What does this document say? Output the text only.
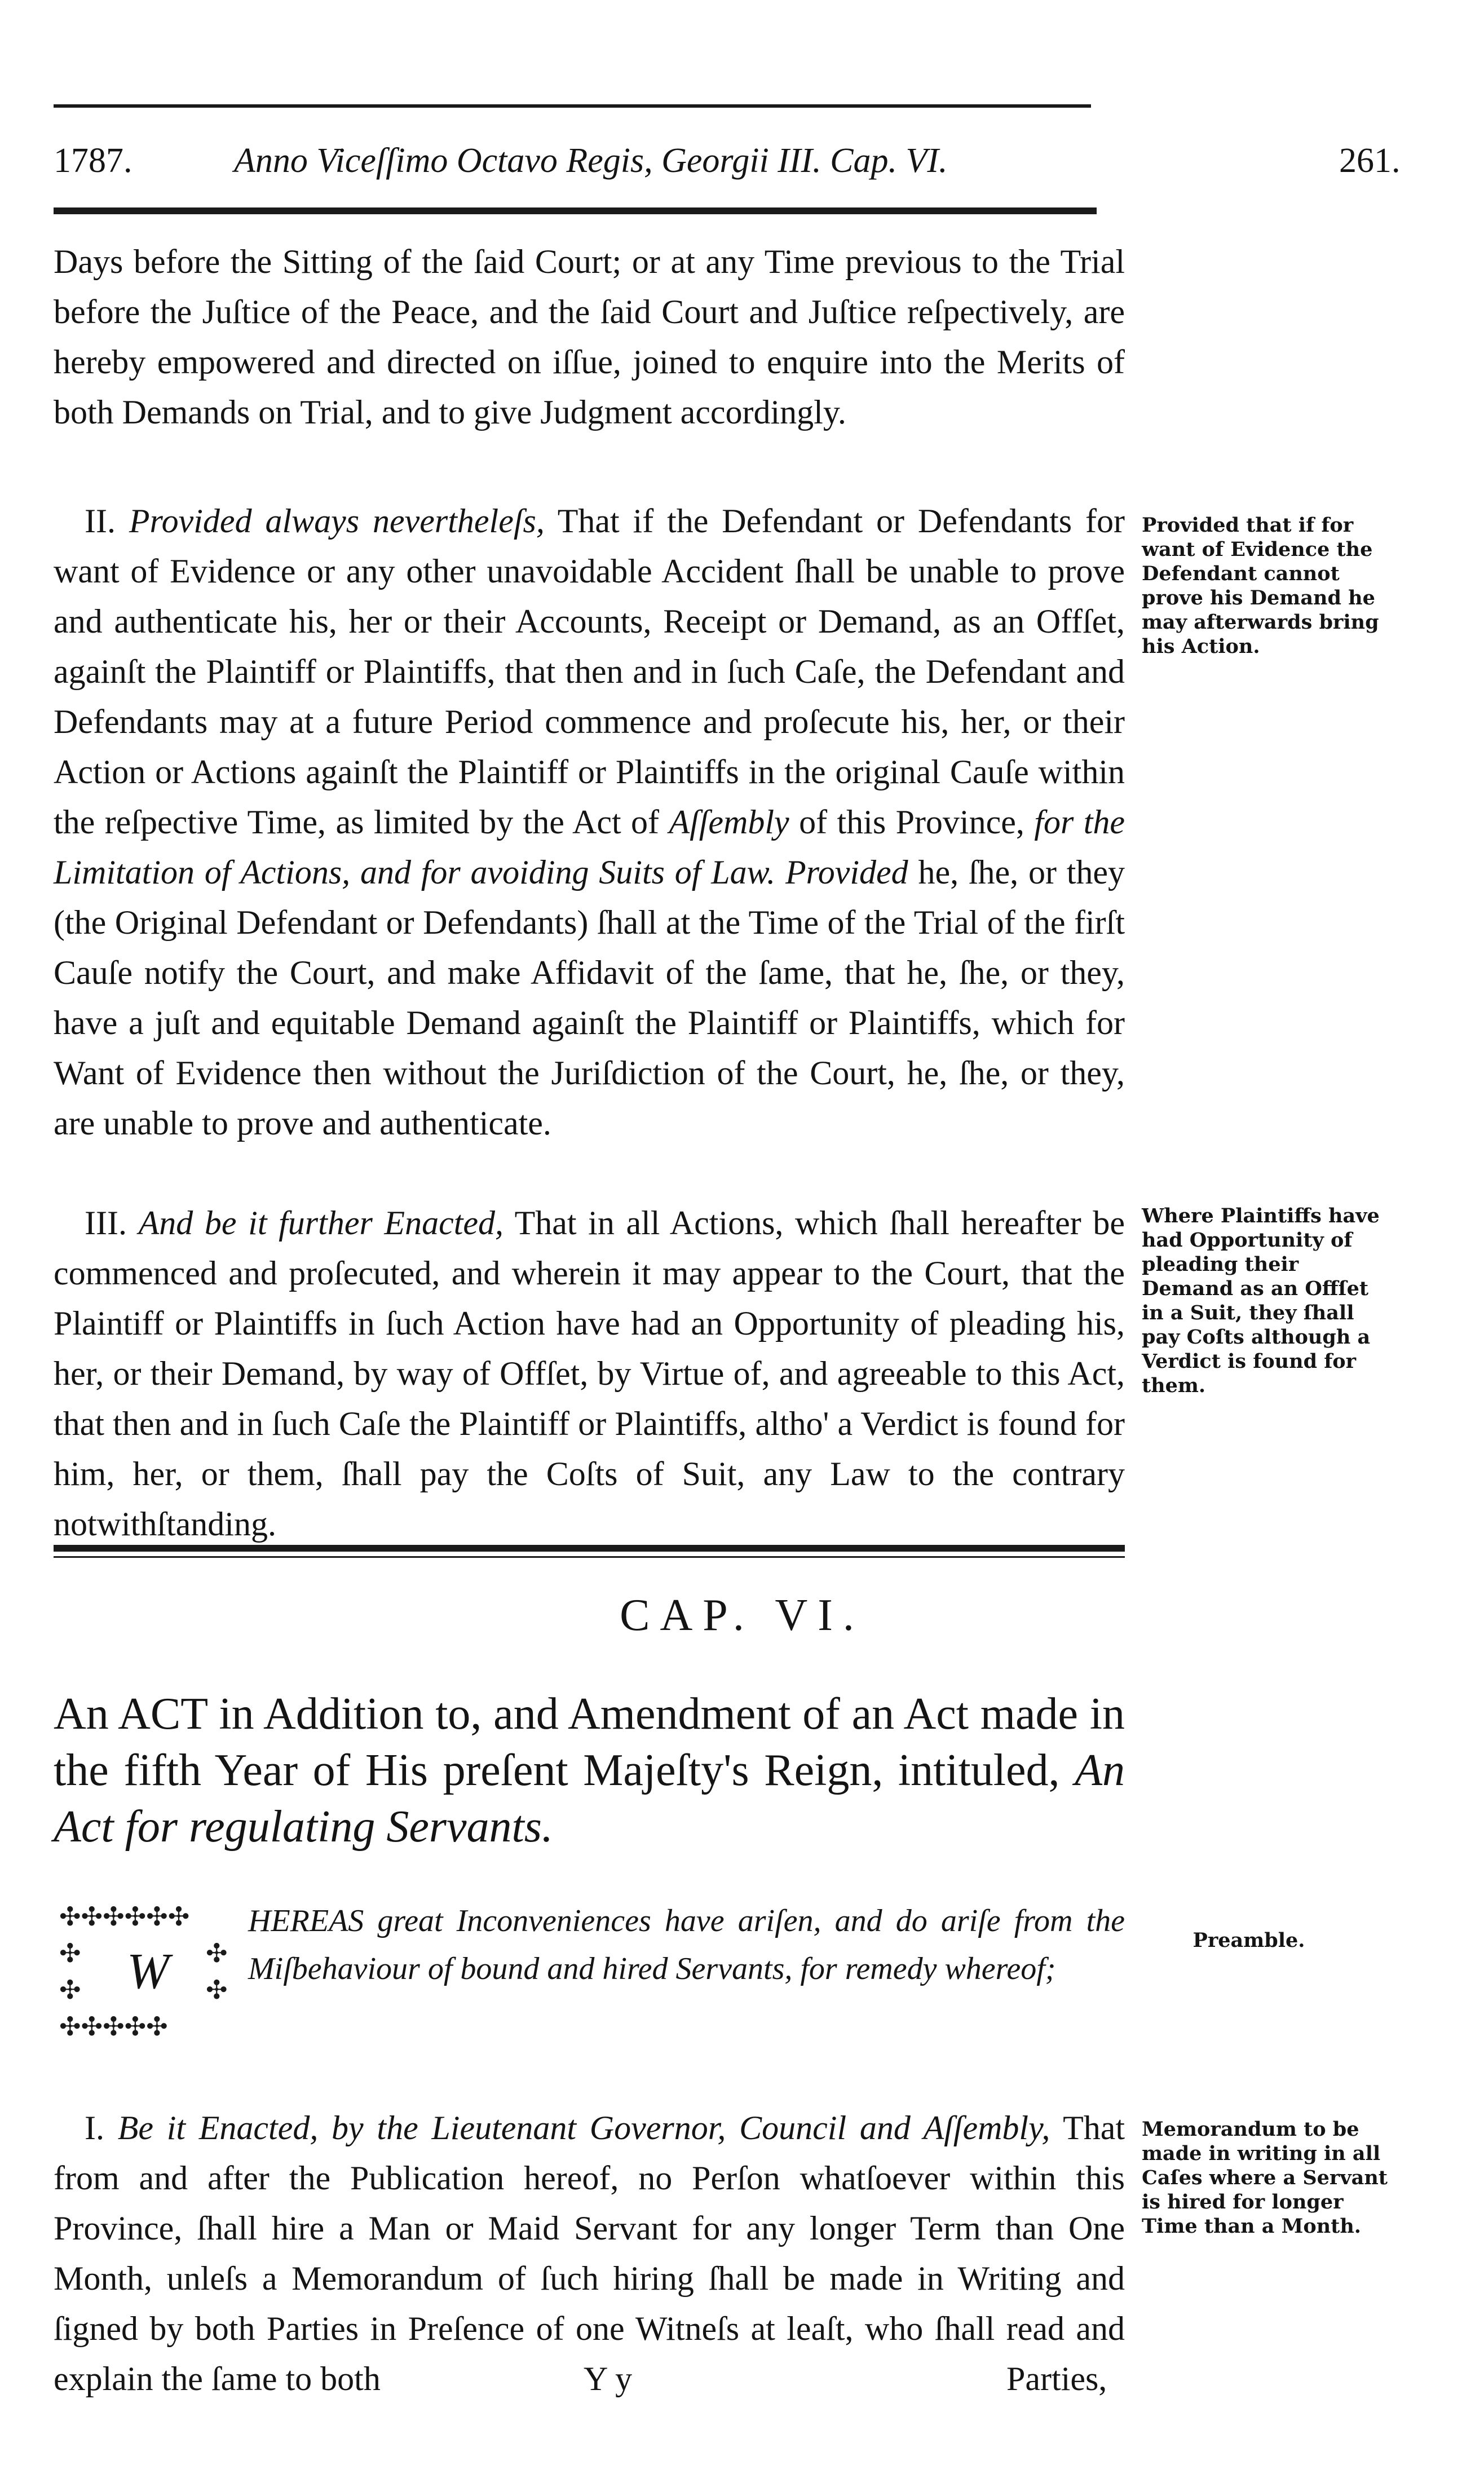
1787.	Anno Viceſſimo Octavo Regis, Georgii III. Cap. VI.	261.

Days before the Sitting of the ſaid Court; or at any Time previous to the Trial before the Juſtice of the Peace, and the ſaid Court and Juſtice reſpectively, are hereby empowered and directed on iſſue, joined to enquire into the Merits of both Demands on Trial, and to give Judgment accordingly.

II. Provided always nevertheleſs, That if the Defendant or Defendants for want of Evidence or any other unavoidable Accident ſhall be unable to prove and authenticate his, her or their Accounts, Receipt or Demand, as an Offſet, againſt the Plaintiff or Plaintiffs, that then and in ſuch Caſe, the Defendant and Defendants may at a future Period commence and proſecute his, her, or their Action or Actions againſt the Plaintiff or Plaintiffs in the original Cauſe within the reſpective Time, as limited by the Act of Aſſembly of this Province, for the Limitation of Actions, and for avoiding Suits of Law. Provided he, ſhe, or they (the Original Defendant or Defendants) ſhall at the Time of the Trial of the firſt Cauſe notify the Court, and make Affidavit of the ſame, that he, ſhe, or they, have a juſt and equitable Demand againſt the Plaintiff or Plaintiffs, which for Want of Evidence then without the Juriſdiction of the Court, he, ſhe, or they, are unable to prove and authenticate.

III. And be it further Enacted, That in all Actions, which ſhall hereafter be commenced and proſecuted, and wherein it may appear to the Court, that the Plaintiff or Plaintiffs in ſuch Action have had an Opportunity of pleading his, her, or their Demand, by way of Offſet, by Virtue of, and agreeable to this Act, that then and in ſuch Caſe the Plaintiff or Plaintiffs, altho' a Verdict is found for him, her, or them, ſhall pay the Coſts of Suit, any Law to the contrary notwithſtanding.

Provided that if for want of Evidence the Defendant cannot prove his Demand he may afterwards bring his Action.
Where Plaintiffs have had Opportunity of pleading their Demand as an Offſet in a Suit, they ſhall pay Coſts although a Verdict is found for them.
Preamble.
Memorandum to be made in writing in all Caſes where a Servant is hired for longer Time than a Month.
CAP. VI.

An ACT in Addition to, and Amendment of an Act made in the fifth Year of His preſent Majeſty's Reign, intituled, An Act for regulating Servants.

✣✣✣✣✣✣
✣
✣
✣✣✣✣✣
✣
✣
W

HEREAS great Inconveniences have ariſen, and do ariſe from the Miſbehaviour of bound and hired Servants, for remedy whereof;

I. Be it Enacted, by the Lieutenant Governor, Council and Aſſembly, That from and after the Publication hereof, no Perſon whatſoever within this Province, ſhall hire a Man or Maid Servant for any longer Term than One Month, unleſs a Memorandum of ſuch hiring ſhall be made in Writing and ſigned by both Parties in Preſence of one Witneſs at leaſt, who ſhall read and explain the ſame to both	Y y	Parties,
